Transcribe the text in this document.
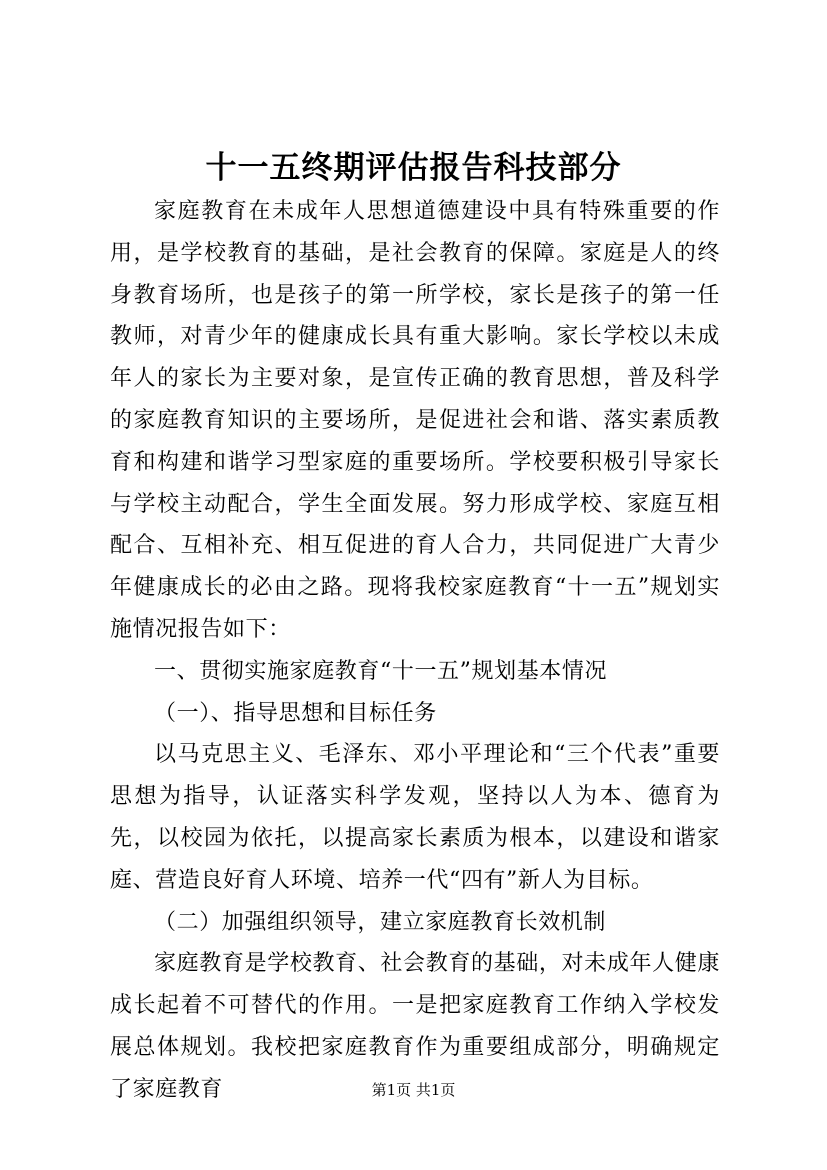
十一五终期评估报告科技部分

家庭教育在未成年人思想道德建设中具有特殊重要的作用，是学校教育的基础，是社会教育的保障。家庭是人的终身教育场所，也是孩子的第一所学校，家长是孩子的第一任教师，对青少年的健康成长具有重大影响。家长学校以未成年人的家长为主要对象，是宣传正确的教育思想，普及科学的家庭教育知识的主要场所，是促进社会和谐、落实素质教育和构建和谐学习型家庭的重要场所。学校要积极引导家长与学校主动配合，学生全面发展。努力形成学校、家庭互相配合、互相补充、相互促进的育人合力，共同促进广大青少年健康成长的必由之路。现将我校家庭教育“十一五”规划实施情况报告如下：

一、贯彻实施家庭教育“十一五”规划基本情况

（一）、指导思想和目标任务

以马克思主义、毛泽东、邓小平理论和“三个代表”重要思想为指导，认证落实科学发观，坚持以人为本、德育为先，以校园为依托，以提高家长素质为根本，以建设和谐家庭、营造良好育人环境、培养一代“四有”新人为目标。

（二）加强组织领导，建立家庭教育长效机制

家庭教育是学校教育、社会教育的基础，对未成年人健康成长起着不可替代的作用。一是把家庭教育工作纳入学校发展总体规划。我校把家庭教育作为重要组成部分，明确规定了家庭教育	第1页 共1页
